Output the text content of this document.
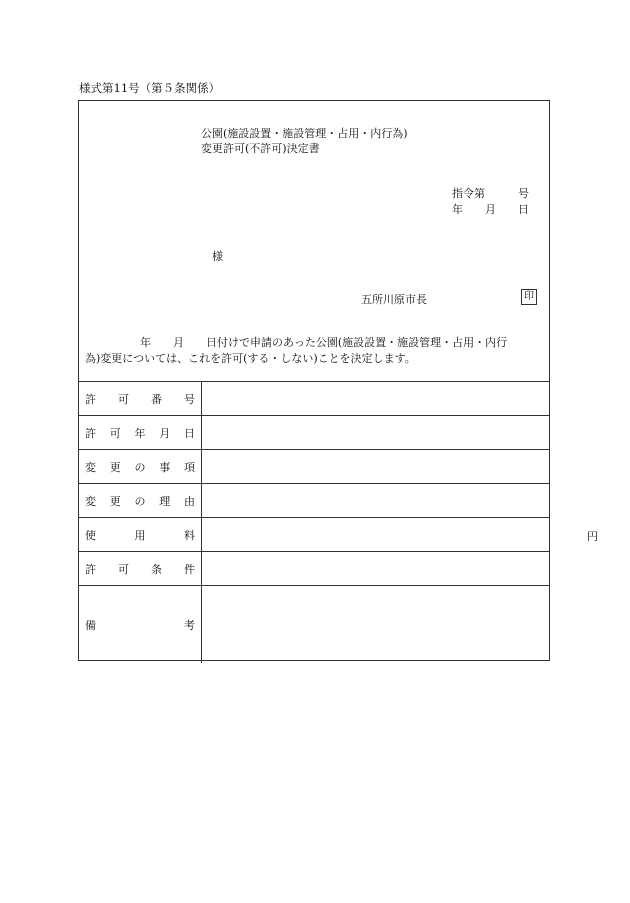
様式第11号（第５条関係）
公園(施設設置・施設管理・占用・内行為)
変更許可(不許可)決定書
指令第　　　号
年　　月　　日
様
五所川原市長	印
　　　　　年　　月　　日付けで申請のあった公園(施設設置・施設管理・占用・内行
為)変更については、これを許可(する・しない)ことを決定します。
許 可 番 号
許 可 年 月 日
変 更 の 事 項
変 更 の 理 由
使	用	料	円
許 可 条 件
備	考
